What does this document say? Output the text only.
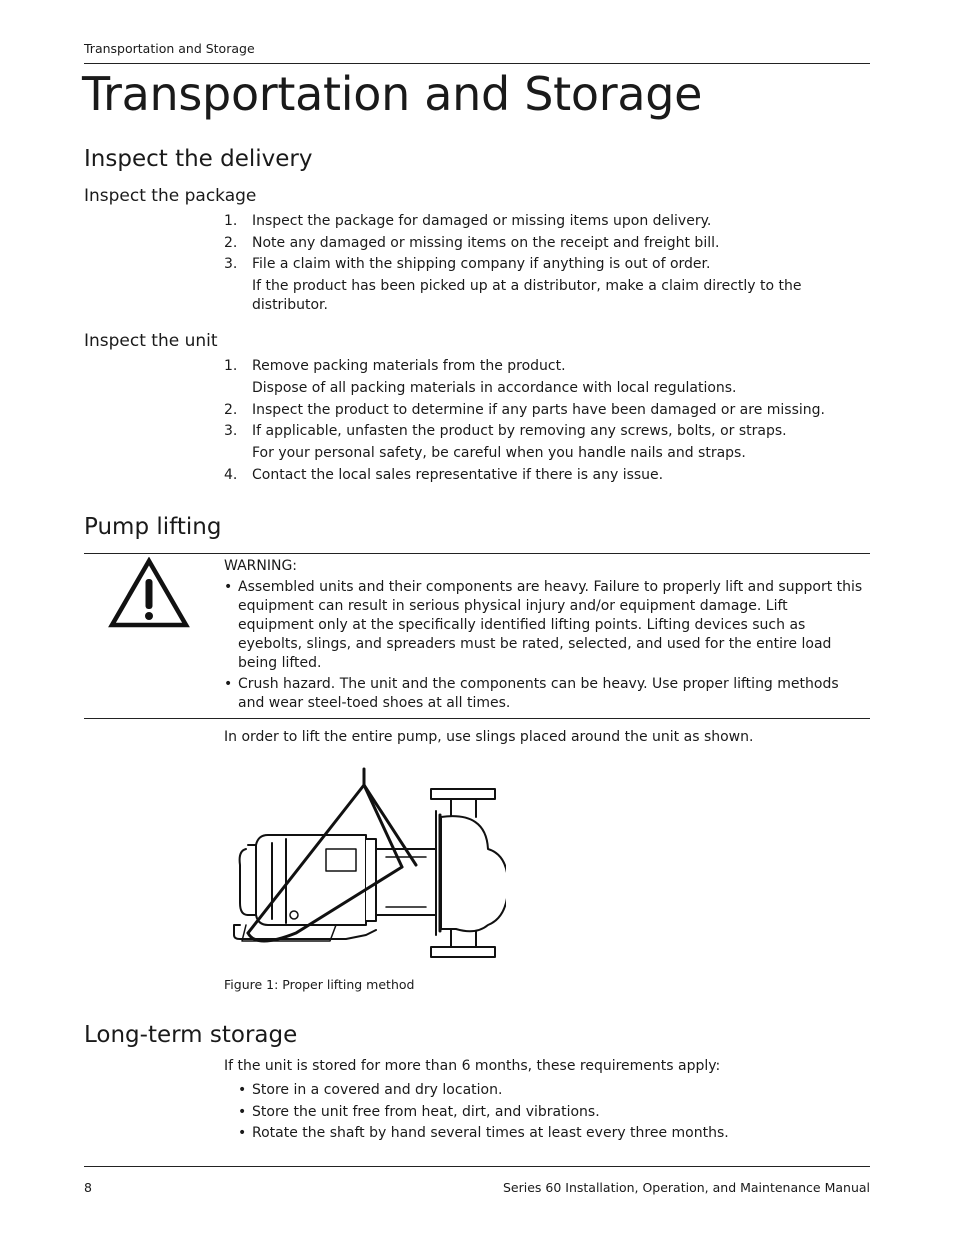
Transportation and Storage
Transportation and Storage
Inspect the delivery
Inspect the package
1.	Inspect the package for damaged or missing items upon delivery.
2.	Note any damaged or missing items on the receipt and freight bill.
3.	File a claim with the shipping company if anything is out of order.
If the product has been picked up at a distributor, make a claim directly to the distributor.
Inspect the unit
1.	Remove packing materials from the product.
Dispose of all packing materials in accordance with local regulations.
2.	Inspect the product to determine if any parts have been damaged or are missing.
3.	If applicable, unfasten the product by removing any screws, bolts, or straps.
For your personal safety, be careful when you handle nails and straps.
4.	Contact the local sales representative if there is any issue.
Pump lifting
WARNING:
• Assembled units and their components are heavy. Failure to properly lift and support this equipment can result in serious physical injury and/or equipment damage. Lift equipment only at the specifically identified lifting points. Lifting devices such as eyebolts, slings, and spreaders must be rated, selected, and used for the entire load being lifted.
• Crush hazard. The unit and the components can be heavy. Use proper lifting methods and wear steel-toed shoes at all times.
In order to lift the entire pump, use slings placed around the unit as shown.
Figure 1: Proper lifting method
Long-term storage
If the unit is stored for more than 6 months, these requirements apply:
• Store in a covered and dry location.
• Store the unit free from heat, dirt, and vibrations.
• Rotate the shaft by hand several times at least every three months.
8	Series 60 Installation, Operation, and Maintenance Manual
